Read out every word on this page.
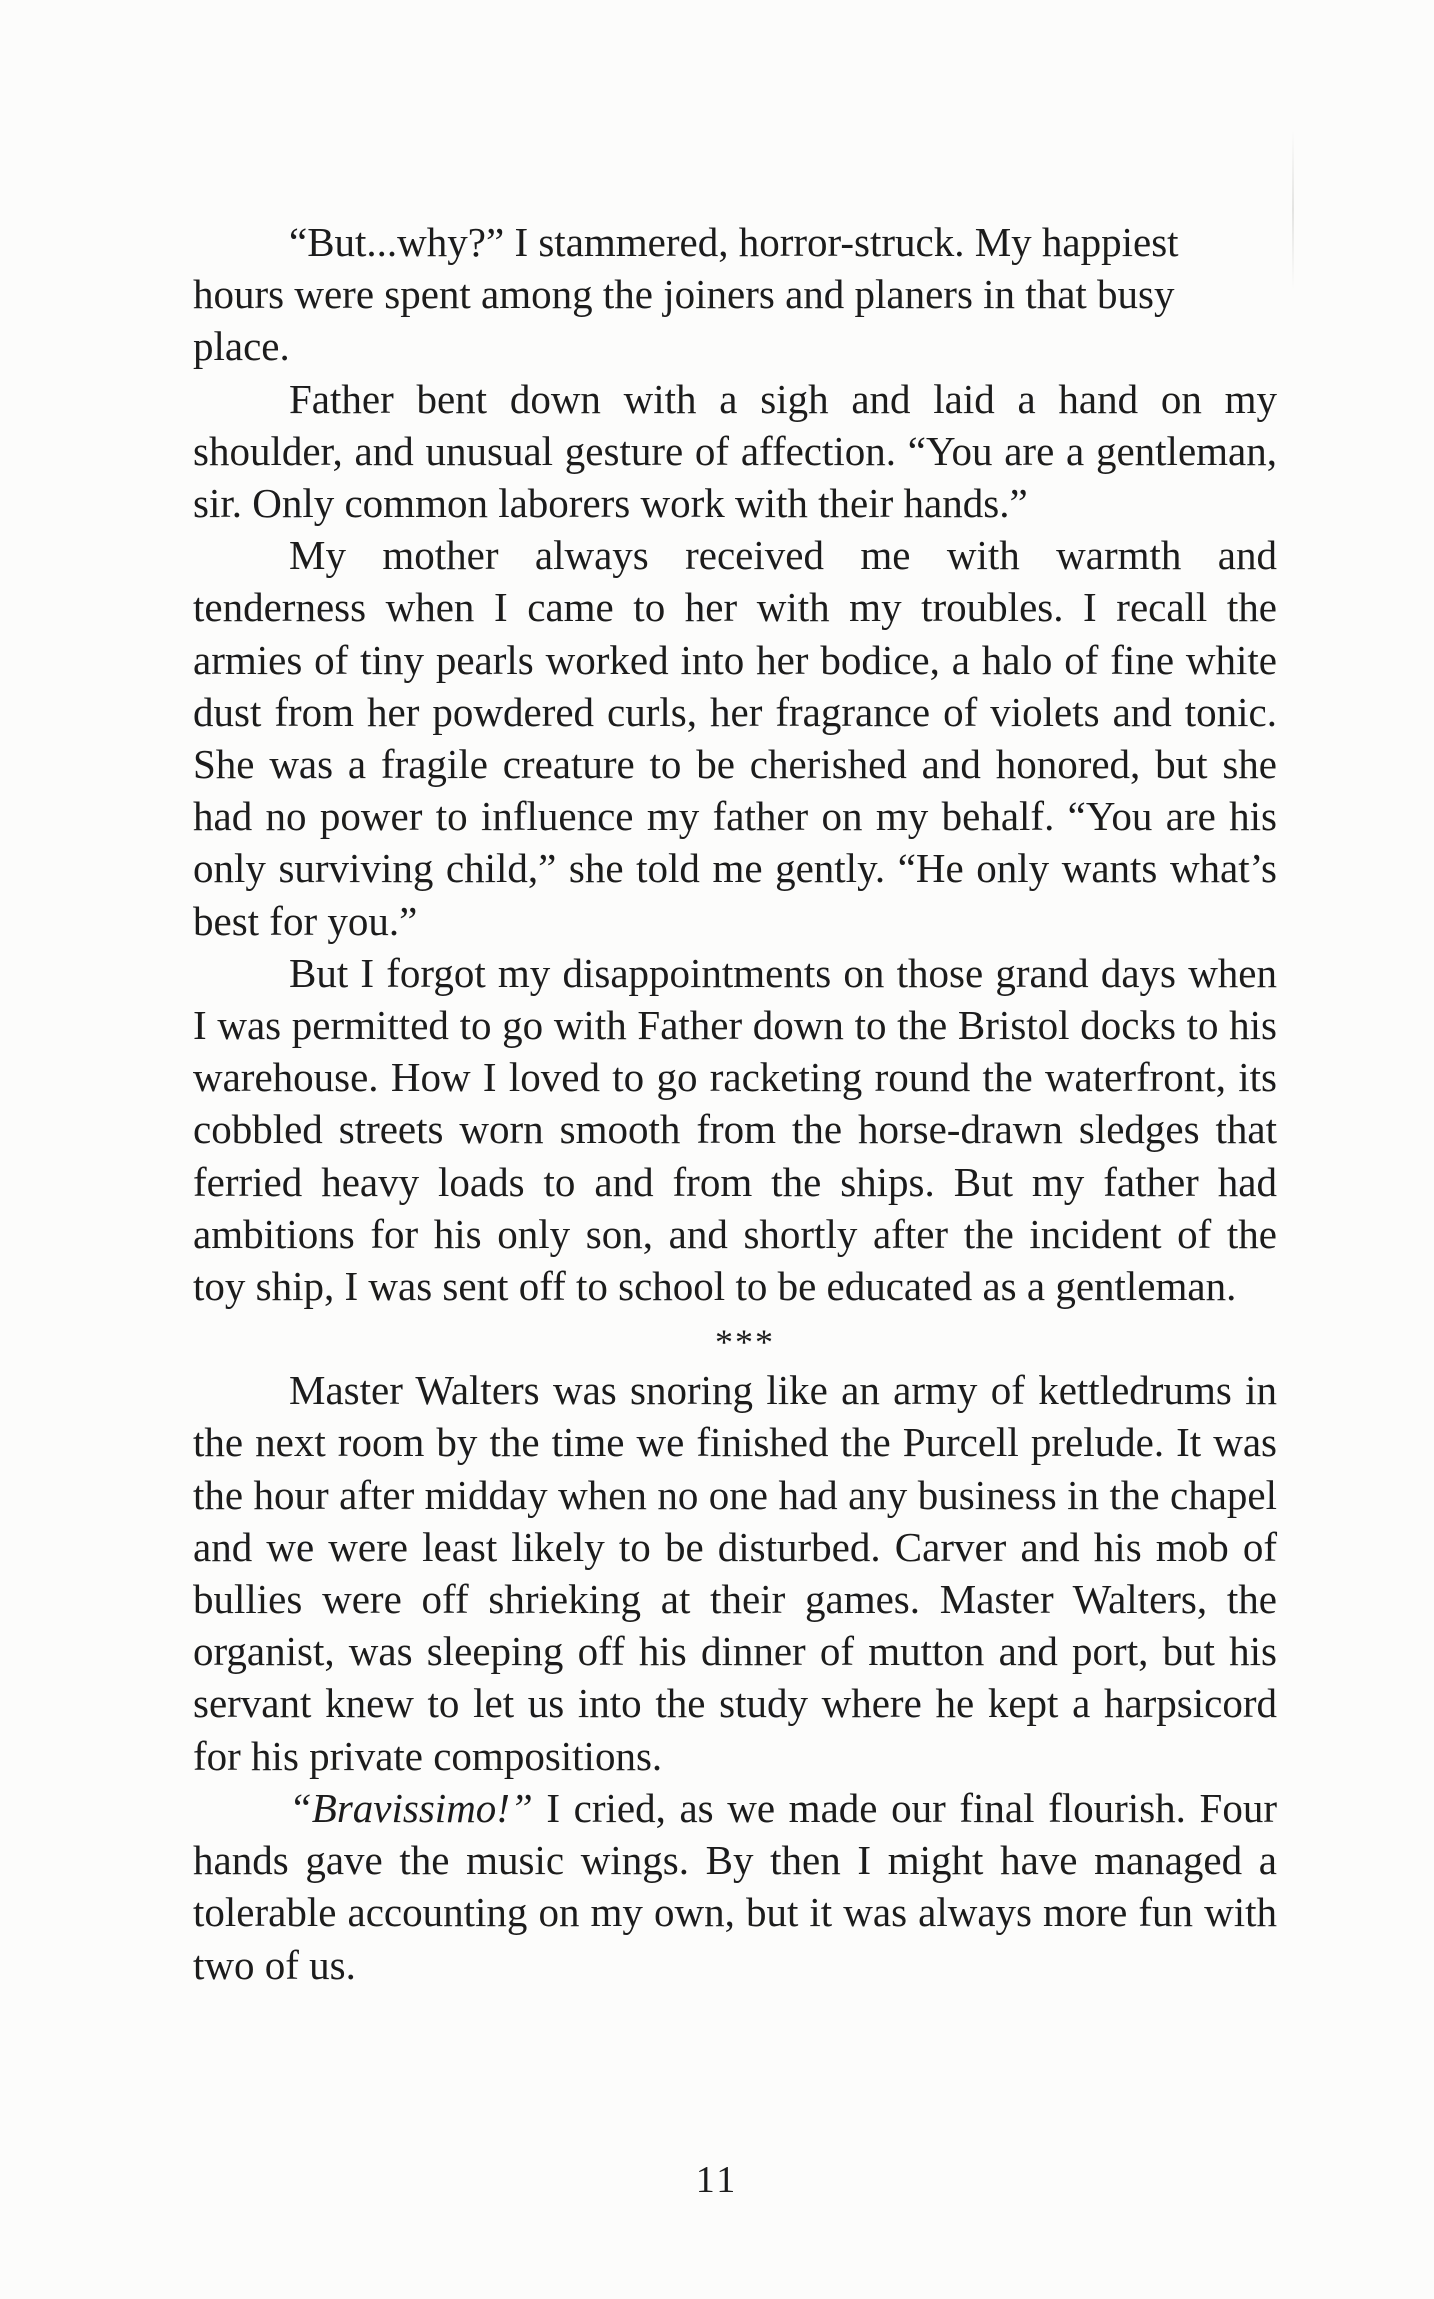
“But...why?” I stammered, horror-struck. My happiest hours were spent among the joiners and planers in that busy place.

Father bent down with a sigh and laid a hand on my shoulder, and unusual gesture of affection. “You are a gentleman, sir. Only common laborers work with their hands.”

My mother always received me with warmth and tenderness when I came to her with my troubles. I recall the armies of tiny pearls worked into her bodice, a halo of fine white dust from her powdered curls, her fragrance of violets and tonic. She was a fragile creature to be cherished and honored, but she had no power to influence my father on my behalf. “You are his only surviving child,” she told me gently. “He only wants what’s best for you.”

But I forgot my disappointments on those grand days when I was permitted to go with Father down to the Bristol docks to his warehouse. How I loved to go racketing round the waterfront, its cobbled streets worn smooth from the horse-drawn sledges that ferried heavy loads to and from the ships. But my father had ambitions for his only son, and shortly after the incident of the toy ship, I was sent off to school to be educated as a gentleman.

***

Master Walters was snoring like an army of kettledrums in the next room by the time we finished the Purcell prelude. It was the hour after midday when no one had any business in the chapel and we were least likely to be disturbed. Carver and his mob of bullies were off shrieking at their games. Master Walters, the organist, was sleeping off his dinner of mutton and port, but his servant knew to let us into the study where he kept a harpsicord for his private compositions.

“Bravissimo!” I cried, as we made our final flourish. Four hands gave the music wings. By then I might have managed a tolerable accounting on my own, but it was always more fun with two of us.

11
